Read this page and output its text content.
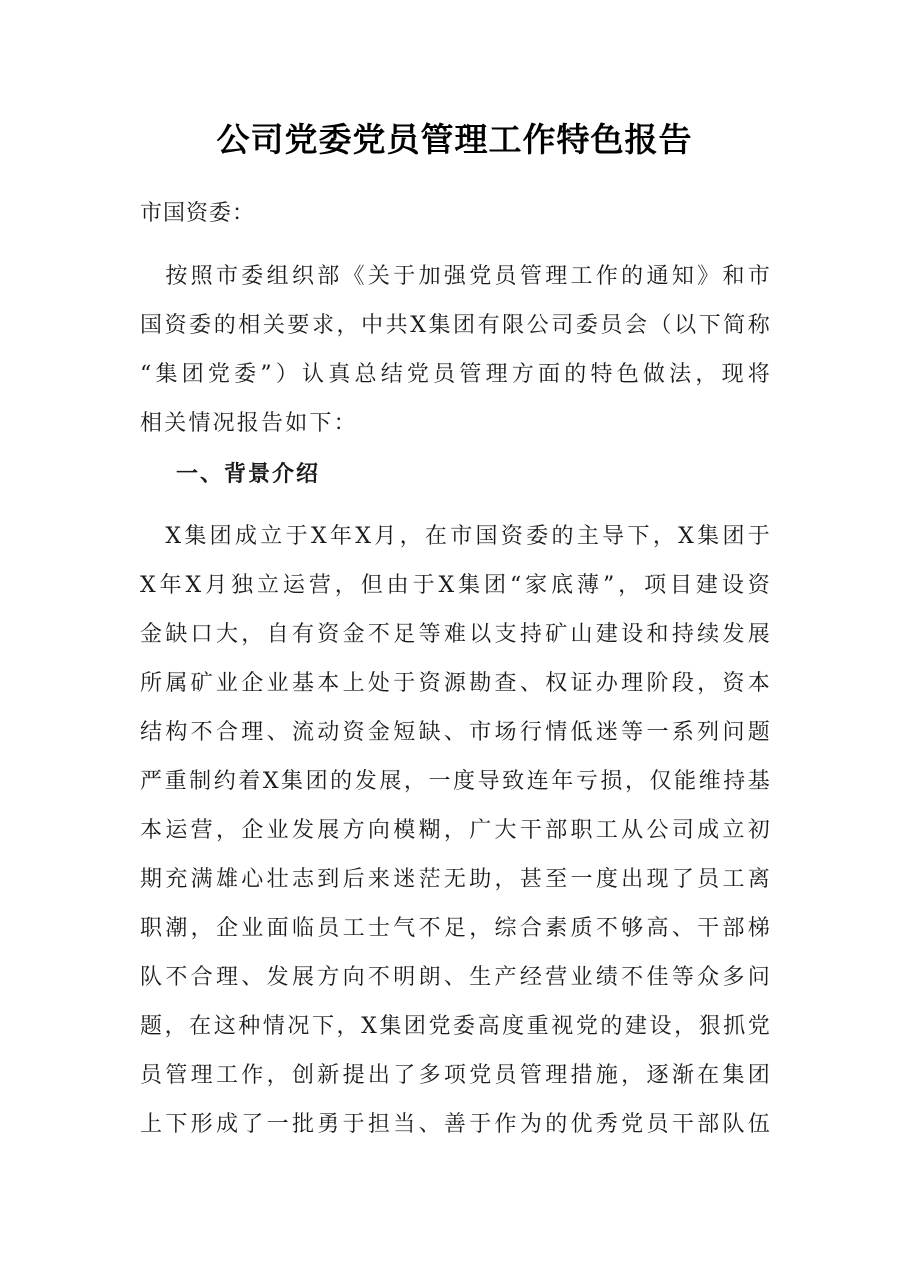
公司党委党员管理工作特色报告
市国资委：
　按照市委组织部《关于加强党员管理工作的通知》和市
国资委的相关要求，中共X集团有限公司委员会（以下简称
“集团党委”）认真总结党员管理方面的特色做法，现将
相关情况报告如下：
一、背景介绍
　X集团成立于X年X月，在市国资委的主导下，X集团于
X年X月独立运营，但由于X集团“家底薄”，项目建设资
金缺口大，自有资金不足等难以支持矿山建设和持续发展
所属矿业企业基本上处于资源勘查、权证办理阶段，资本
结构不合理、流动资金短缺、市场行情低迷等一系列问题
严重制约着X集团的发展，一度导致连年亏损，仅能维持基
本运营，企业发展方向模糊，广大干部职工从公司成立初
期充满雄心壮志到后来迷茫无助，甚至一度出现了员工离
职潮，企业面临员工士气不足，综合素质不够高、干部梯
队不合理、发展方向不明朗、生产经营业绩不佳等众多问
题，在这种情况下，X集团党委高度重视党的建设，狠抓党
员管理工作，创新提出了多项党员管理措施，逐渐在集团
上下形成了一批勇于担当、善于作为的优秀党员干部队伍
